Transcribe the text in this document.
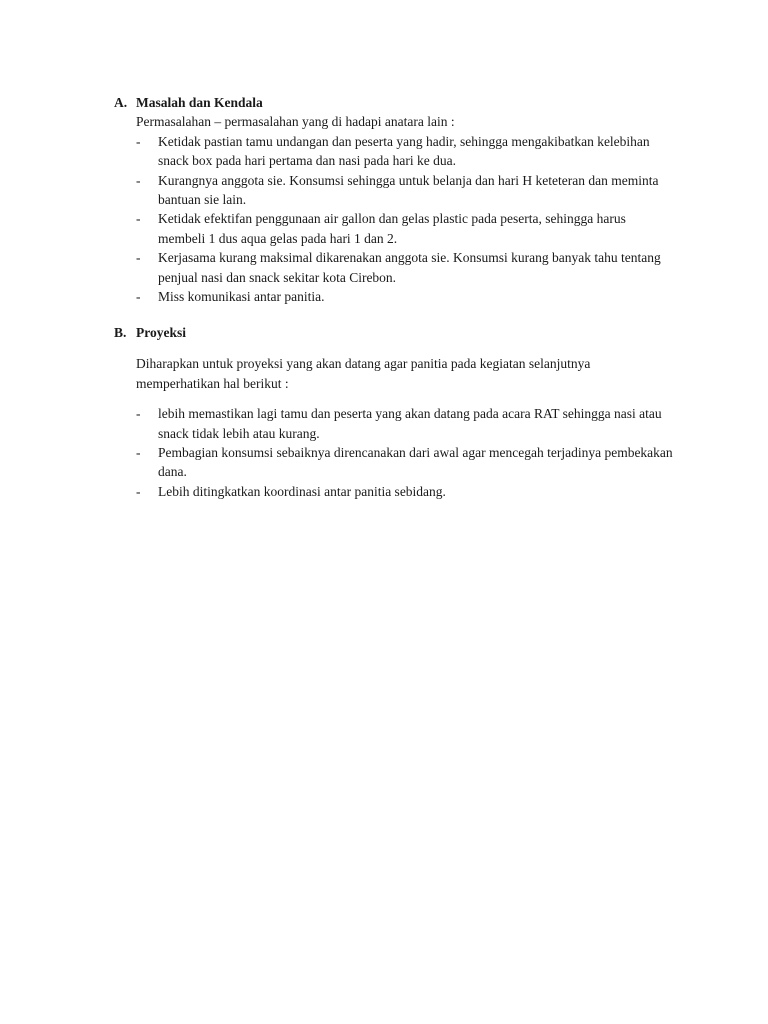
A. Masalah dan Kendala

Permasalahan – permasalahan yang di hadapi anatara lain :

-	Ketidak pastian tamu undangan dan peserta yang hadir, sehingga mengakibatkan kelebihan snack box pada hari pertama dan nasi pada hari ke dua.
-	Kurangnya anggota sie. Konsumsi sehingga untuk belanja dan hari H keteteran dan meminta bantuan sie lain.
-	Ketidak efektifan penggunaan air gallon dan gelas plastic pada peserta, sehingga harus membeli 1 dus aqua gelas pada hari 1 dan 2.
-	Kerjasama kurang maksimal dikarenakan anggota sie. Konsumsi kurang banyak tahu tentang penjual nasi dan snack sekitar kota Cirebon.
-	Miss komunikasi antar panitia.
B. Proyeksi

Diharapkan untuk proyeksi yang akan datang agar panitia pada kegiatan selanjutnya memperhatikan hal berikut :

-	lebih memastikan lagi tamu dan peserta yang akan datang pada acara RAT sehingga nasi atau snack tidak lebih atau kurang.
-	Pembagian konsumsi sebaiknya direncanakan dari awal agar mencegah terjadinya pembekakan dana.
-	Lebih ditingkatkan koordinasi antar panitia sebidang.
